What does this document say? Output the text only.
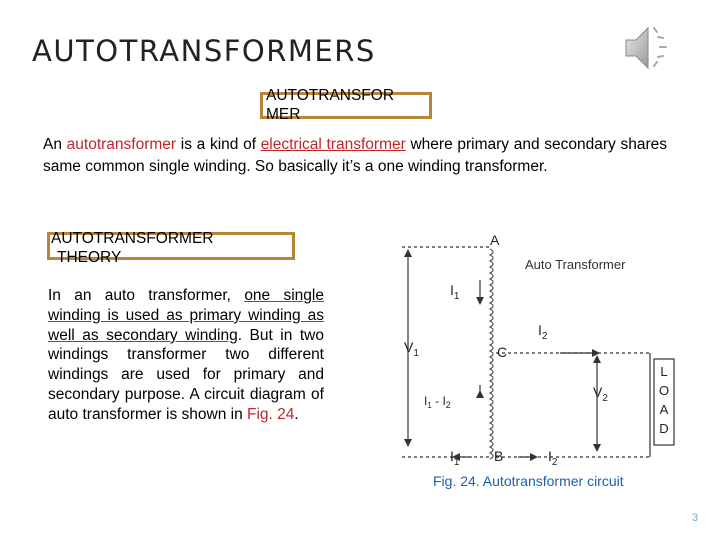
AUTOTRANSFORMERS
AUTOTRANSFOR
MER
An autotransformer is a kind of electrical transformer where primary and secondary shares same common single winding. So basically it’s a one winding transformer.
AUTOTRANSFORMER
THEORY
In an auto transformer, one single winding is used as primary winding as well as secondary winding. But in two windings transformer two different windings are used for primary and secondary purpose. A circuit diagram of auto transformer is shown in Fig. 24.
Auto Transformer
A
B
C
$V_1$
$V_2$
$I_1$
$I_2$
$I_1 - I_2$
$I_1$	$I_2$
L
O
A
D
Fig. 24. Autotransformer circuit
3
